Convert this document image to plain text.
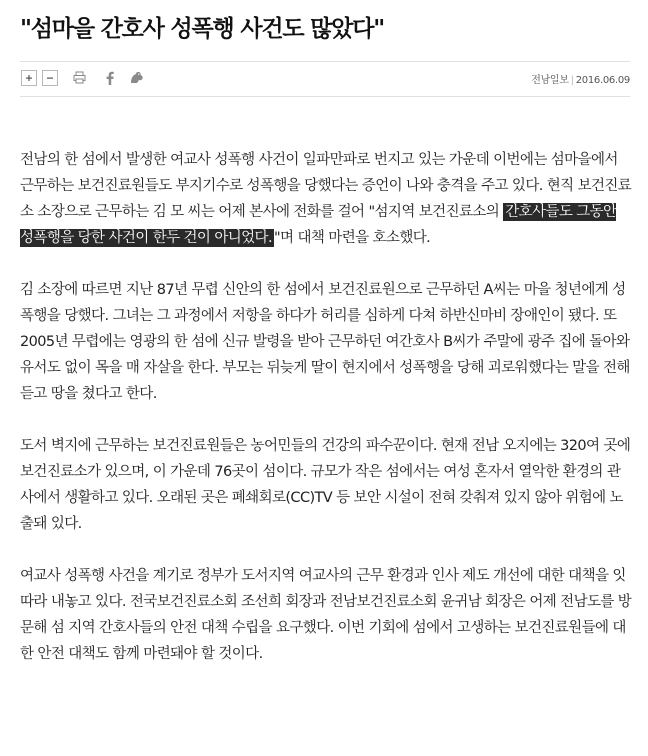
"섬마을 간호사 성폭행 사건도 많았다"
전남일보 | 2016.06.09

전남의 한 섬에서 발생한 여교사 성폭행 사건이 일파만파로 번지고 있는 가운데 이번에는 섬마을에서 근무하는 보건진료원들도 부지기수로 성폭행을 당했다는 증언이 나와 충격을 주고 있다. 현직 보건진료소 소장으로 근무하는 김 모 씨는 어제 본사에 전화를 걸어 "섬지역 보건진료소의 간호사들도 그동안 성폭행을 당한 사건이 한두 건이 아니었다. "며 대책 마련을 호소했다.

김 소장에 따르면 지난 87년 무렵 신안의 한 섬에서 보건진료원으로 근무하던 A씨는 마을 청년에게 성폭행을 당했다. 그녀는 그 과정에서 저항을 하다가 허리를 심하게 다쳐 하반신마비 장애인이 됐다. 또 2005년 무렵에는 영광의 한 섬에 신규 발령을 받아 근무하던 여간호사 B씨가 주말에 광주 집에 돌아와 유서도 없이 목을 매 자살을 한다. 부모는 뒤늦게 딸이 현지에서 성폭행을 당해 괴로워했다는 말을 전해 듣고 땅을 쳤다고 한다.

도서 벽지에 근무하는 보건진료원들은 농어민들의 건강의 파수꾼이다. 현재 전남 오지에는 320여 곳에 보건진료소가 있으며, 이 가운데 76곳이 섬이다. 규모가 작은 섬에서는 여성 혼자서 열악한 환경의 관사에서 생활하고 있다. 오래된 곳은 폐쇄회로(CC)TV 등 보안 시설이 전혀 갖춰져 있지 않아 위험에 노출돼 있다.

여교사 성폭행 사건을 계기로 정부가 도서지역 여교사의 근무 환경과 인사 제도 개선에 대한 대책을 잇따라 내놓고 있다. 전국보건진료소회 조선희 회장과 전남보건진료소회 윤귀남 회장은 어제 전남도를 방문해 섬 지역 간호사들의 안전 대책 수립을 요구했다. 이번 기회에 섬에서 고생하는 보건진료원들에 대한 안전 대책도 함께 마련돼야 할 것이다.
